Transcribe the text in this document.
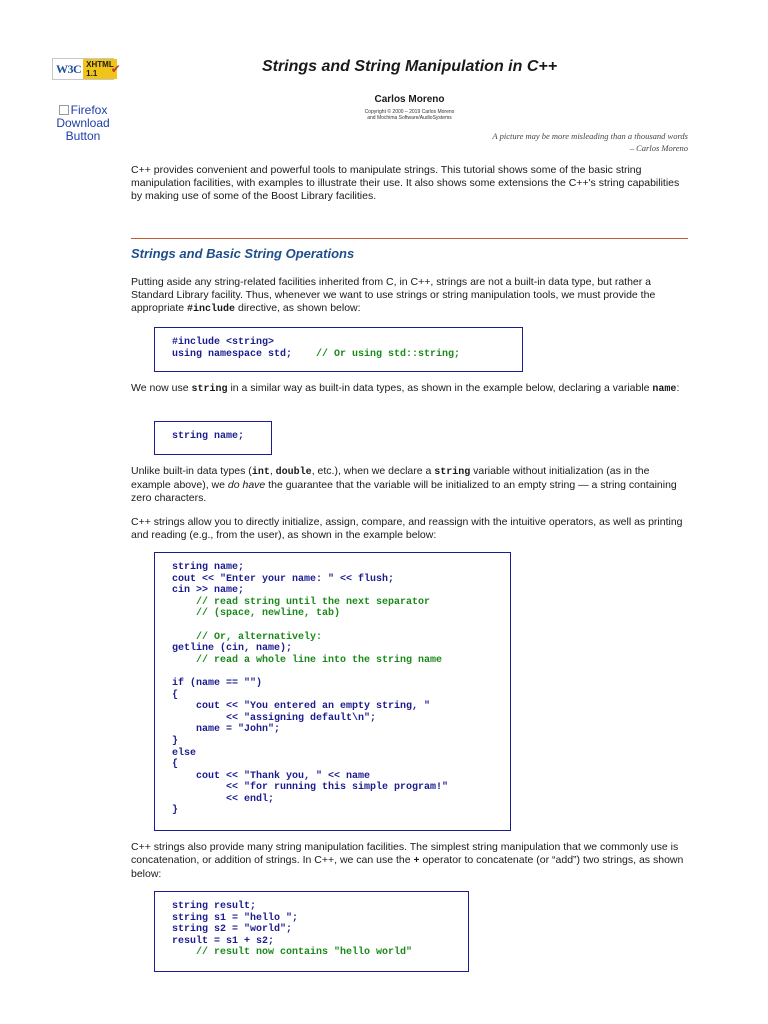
W3C XHTML
1.1	✔
Firefox Download Button
Strings and String Manipulation in C++
Carlos Moreno
Copyright © 2000 – 2019 Carlos Moreno
and Mochima Software/AudioSystems
A picture may be more misleading than a thousand words
– Carlos Moreno
C++ provides convenient and powerful tools to manipulate strings. This tutorial shows some of the basic string manipulation facilities, with examples to illustrate their use. It also shows some extensions the C++'s string capabilities by making use of some of the Boost Library facilities.
Strings and Basic String Operations
Putting aside any string-related facilities inherited from C, in C++, strings are not a built-in data type, but rather a Standard Library facility. Thus, whenever we want to use strings or string manipulation tools, we must provide the appropriate #include directive, as shown below:
#include <string>
using namespace std;    // Or using std::string;
We now use string in a similar way as built-in data types, as shown in the example below, declaring a variable name:
string name;
Unlike built-in data types (int, double, etc.), when we declare a string variable without initialization (as in the example above), we do have the guarantee that the variable will be initialized to an empty string — a string containing zero characters.
C++ strings allow you to directly initialize, assign, compare, and reassign with the intuitive operators, as well as printing and reading (e.g., from the user), as shown in the example below:
string name;
cout << "Enter your name: " << flush;
cin >> name;
// read string until the next separator
// (space, newline, tab)
// Or, alternatively:
getline (cin, name);
// read a whole line into the string name
if (name == "")
{
cout << "You entered an empty string, "
<< "assigning default\n";
name = "John";
}
else
{
cout << "Thank you, " << name
<< "for running this simple program!"
<< endl;
}
C++ strings also provide many string manipulation facilities. The simplest string manipulation that we commonly use is concatenation, or addition of strings. In C++, we can use the + operator to concatenate (or “add”) two strings, as shown below:
string result;
string s1 = "hello ";
string s2 = "world";
result = s1 + s2;
// result now contains "hello world"
